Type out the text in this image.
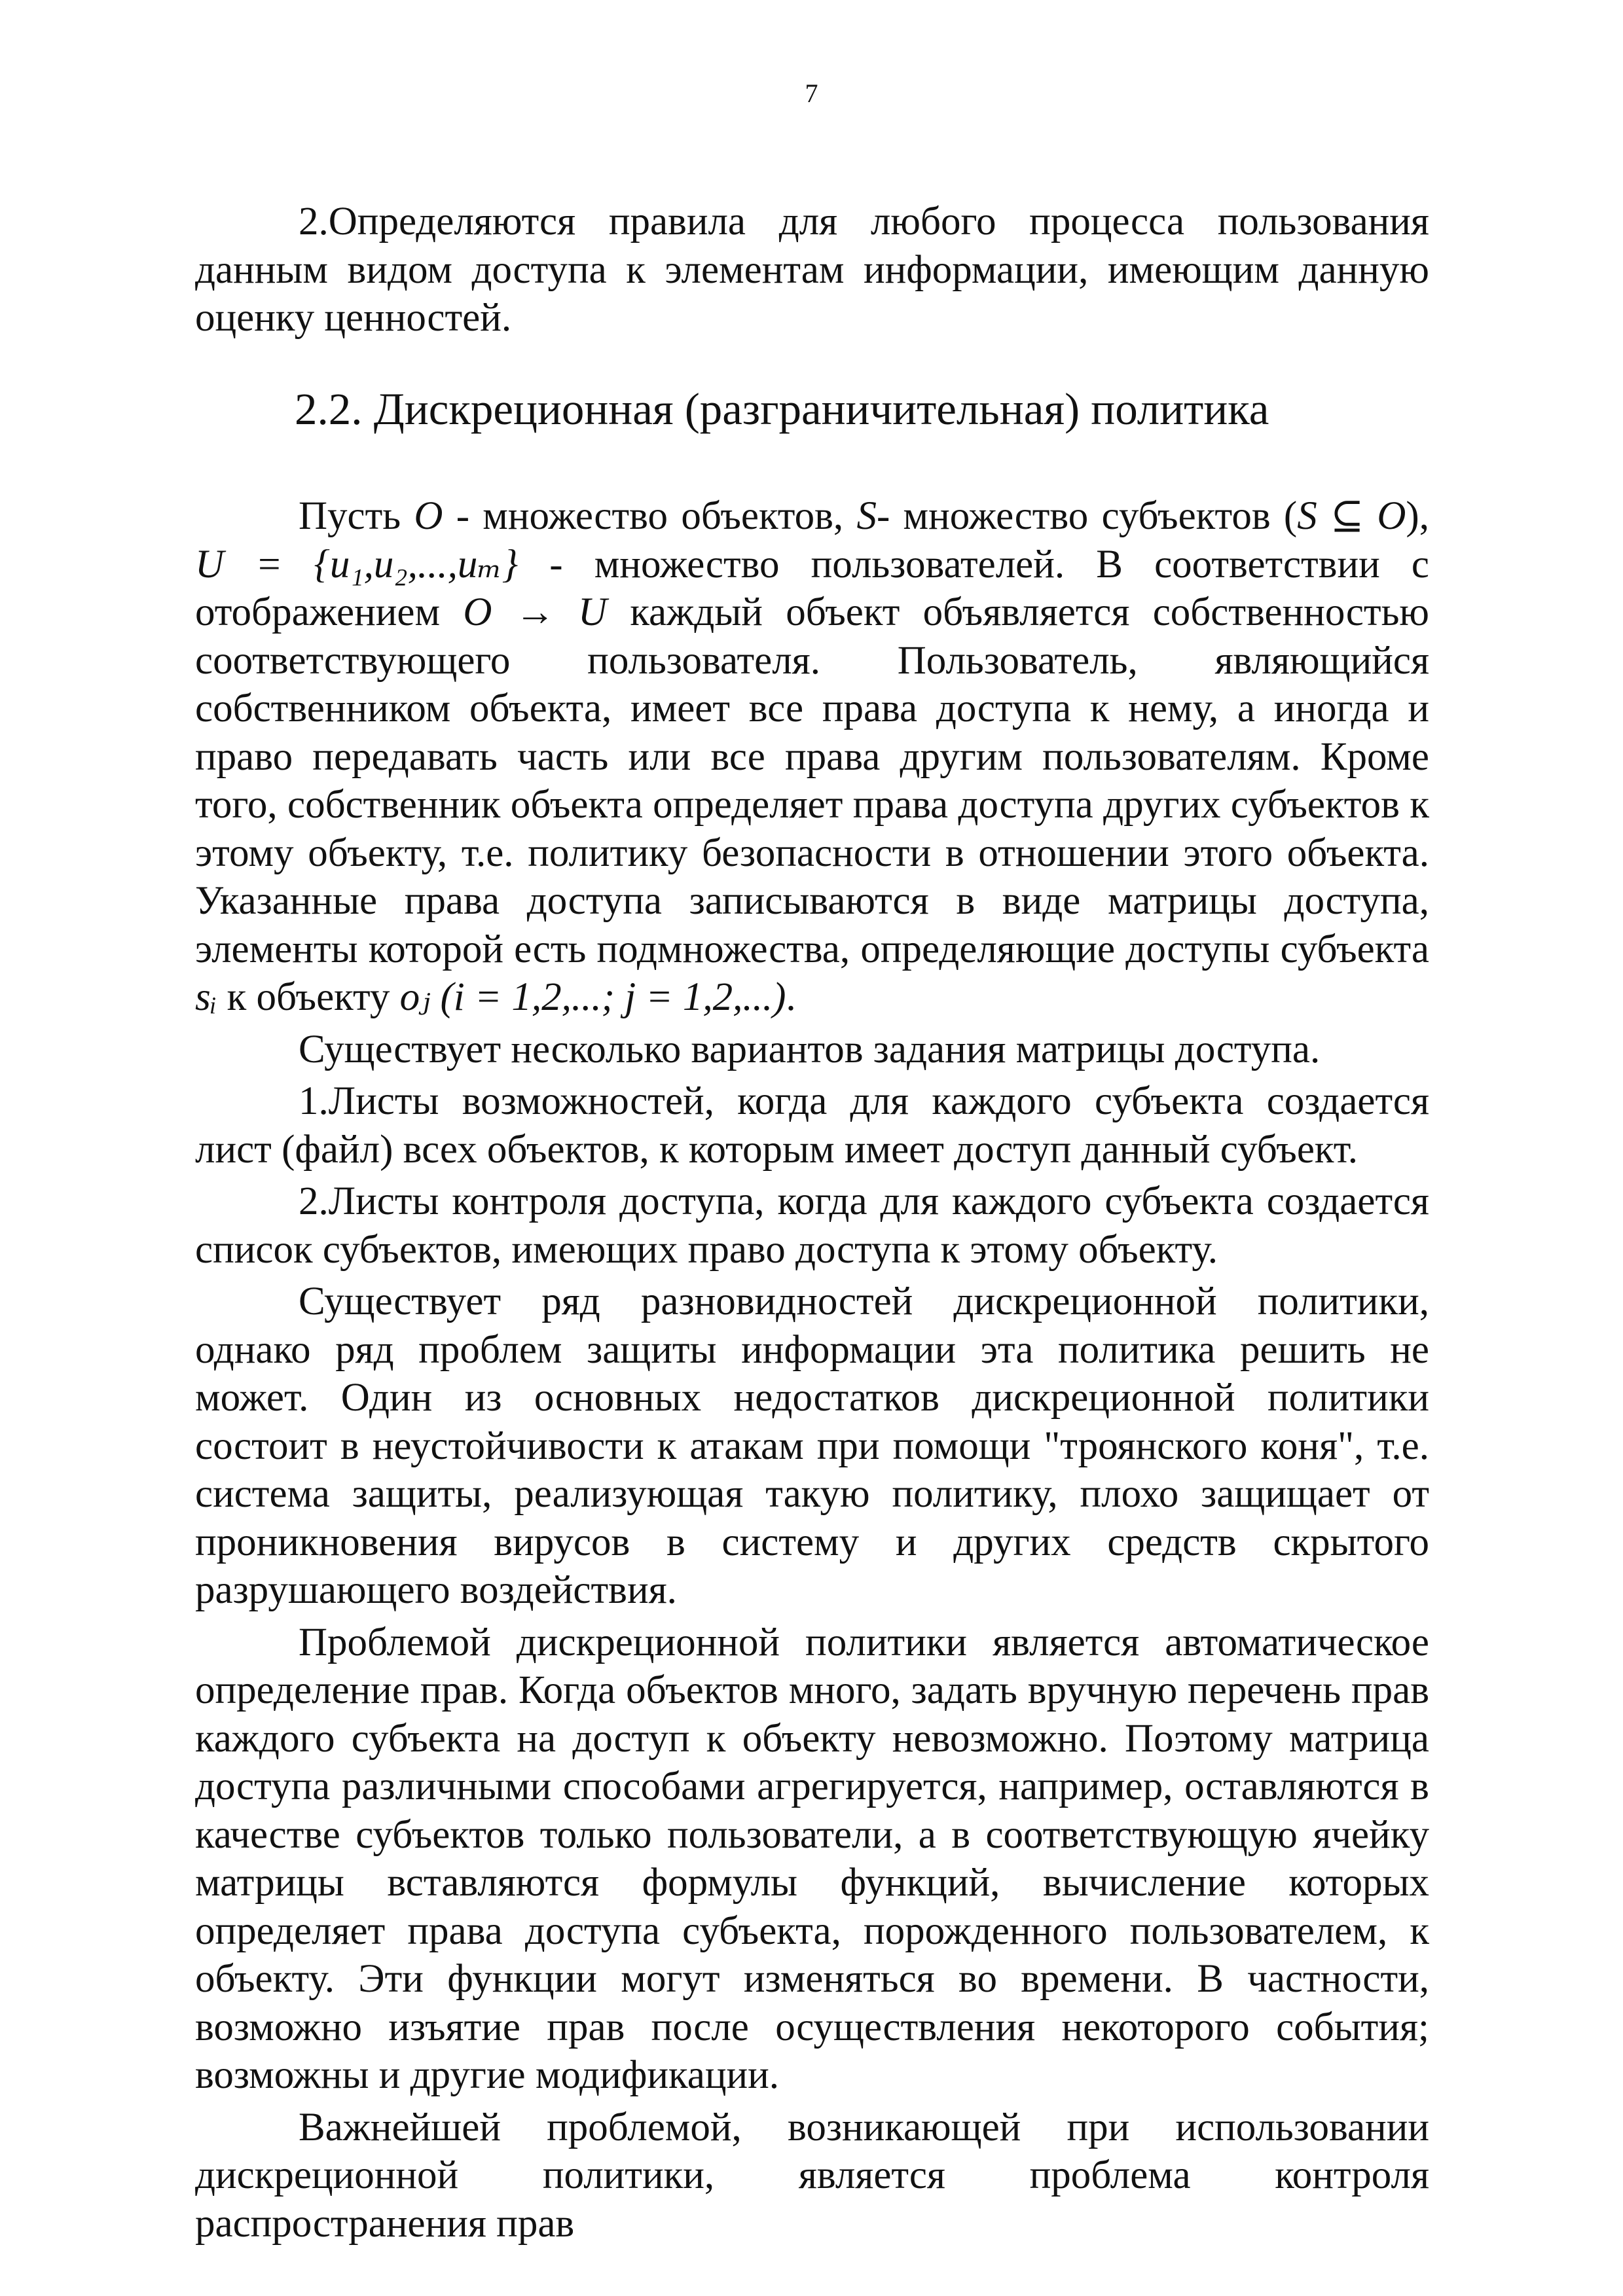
7

2.Определяются правила для любого процесса пользования данным видом доступа к элементам информации, имеющим данную оценку ценностей.

2.2. Дискреционная (разграничительная) политика

Пусть O - множество объектов, S- множество субъектов (S ⊆ O), U = {u₁,u₂,...,uₘ} - множество пользователей. В соответствии с отображением O → U каждый объект объявляется собственностью соответствующего пользователя. Пользователь, являющийся собственником объекта, имеет все права доступа к нему, а иногда и право передавать часть или все права другим пользователям. Кроме того, собственник объекта определяет права доступа других субъектов к этому объекту, т.е. политику безопасности в отношении этого объекта. Указанные права доступа записываются в виде матрицы доступа, элементы которой есть подмножества, определяющие доступы субъекта sᵢ к объекту oⱼ (i = 1,2,...; j = 1,2,...).

Существует несколько вариантов задания матрицы доступа.

1.Листы возможностей, когда для каждого субъекта создается лист (файл) всех объектов, к которым имеет доступ данный субъект.

2.Листы контроля доступа, когда для каждого субъекта создается список субъектов, имеющих право доступа к этому объекту.

Существует ряд разновидностей дискреционной политики, однако ряд проблем защиты информации эта политика решить не может. Один из основных недостатков дискреционной политики состоит в неустойчивости к атакам при помощи "троянского коня", т.е. система защиты, реализующая такую политику, плохо защищает от проникновения вирусов в систему и других средств скрытого разрушающего воздействия.

Проблемой дискреционной политики является автоматическое определение прав. Когда объектов много, задать вручную перечень прав каждого субъекта на доступ к объекту невозможно. Поэтому матрица доступа различными способами агрегируется, например, оставляются в качестве субъектов только пользователи, а в соответствующую ячейку матрицы вставляются формулы функций, вычисление которых определяет права доступа субъекта, порожденного пользователем, к объекту. Эти функции могут изменяться во времени. В частности, возможно изъятие прав после осуществления некоторого события; возможны и другие модификации.

Важнейшей проблемой, возникающей при использовании дискреционной политики, является проблема контроля распространения прав
